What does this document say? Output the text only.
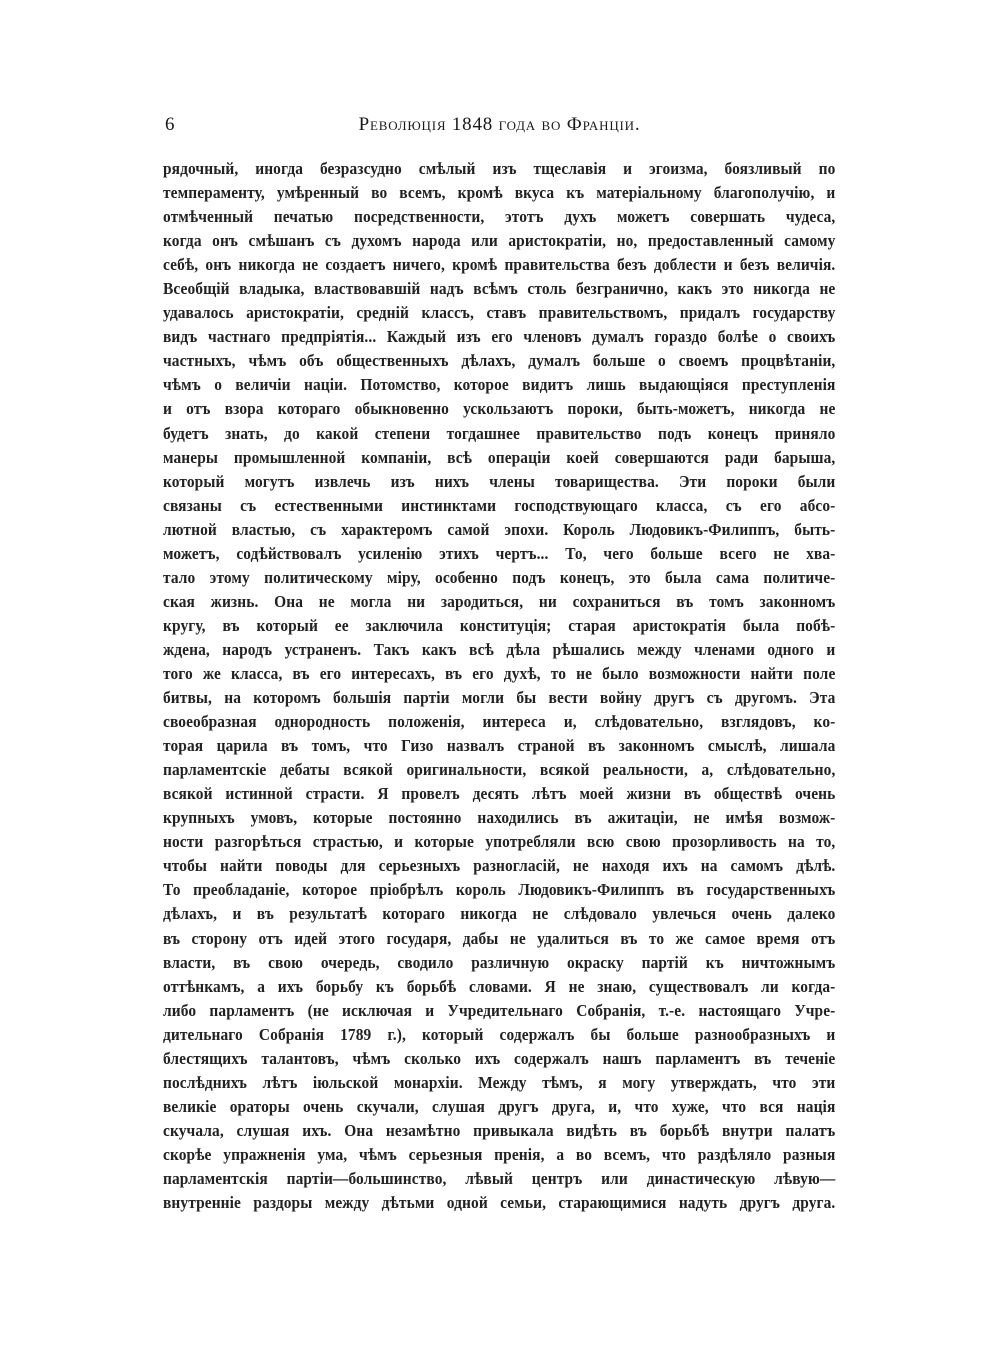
6	Революція 1848 года во Франціи.
рядочный, иногда безразсудно смѣлый изъ тщеславія и эгоизма, боязливый по
темпераменту, умѣренный во всемъ, кромѣ вкуса къ матеріальному благополучію, и
отмѣченный печатью посредственности, этотъ духъ можетъ совершать чудеса,
когда онъ смѣшанъ съ духомъ народа или аристократіи, но, предоставленный самому
себѣ, онъ никогда не создаетъ ничего, кромѣ правительства безъ доблести и безъ величія.
Всеобщій владыка, властвовавшій надъ всѣмъ столь безгранично, какъ это никогда не
удавалось аристократіи, средній классъ, ставъ правительствомъ, придалъ государству
видъ частнаго предпріятія... Каждый изъ его членовъ думалъ гораздо болѣе о своихъ
частныхъ, чѣмъ объ общественныхъ дѣлахъ, думалъ больше о своемъ процвѣтаніи,
чѣмъ о величіи націи. Потомство, которое видитъ лишь выдающіяся преступленія
и отъ взора котораго обыкновенно ускользаютъ пороки, быть-можетъ, никогда не
будетъ знать, до какой степени тогдашнее правительство подъ конецъ приняло
манеры промышленной компаніи, всѣ операціи коей совершаются ради барыша,
который могутъ извлечь изъ нихъ члены товарищества. Эти пороки были
связаны съ естественными инстинктами господствующаго класса, съ его абсо-
лютной властью, съ характеромъ самой эпохи. Король Людовикъ-Филиппъ, быть-
можетъ, содѣйствовалъ усиленію этихъ чертъ... То, чего больше всего не хва-
тало этому политическому міру, особенно подъ конецъ, это была сама политиче-
ская жизнь. Она не могла ни зародиться, ни сохраниться въ томъ законномъ
кругу, въ который ее заключила конституція; старая аристократія была побѣ-
ждена, народъ устраненъ. Такъ какъ всѣ дѣла рѣшались между членами одного и
того же класса, въ его интересахъ, въ его духѣ, то не было возможности найти поле
битвы, на которомъ большія партіи могли бы вести войну другъ съ другомъ. Эта
своеобразная однородность положенія, интереса и, слѣдовательно, взглядовъ, ко-
торая царила въ томъ, что Гизо назвалъ страной въ законномъ смыслѣ, лишала
парламентскіе дебаты всякой оригинальности, всякой реальности, а, слѣдовательно,
всякой истинной страсти. Я провелъ десять лѣтъ моей жизни въ обществѣ очень
крупныхъ умовъ, которые постоянно находились въ ажитаціи, не имѣя возмож-
ности разгорѣться страстью, и которые употребляли всю свою прозорливость на то,
чтобы найти поводы для серьезныхъ разногласій, не находя ихъ на самомъ дѣлѣ.
То преобладаніе, которое пріобрѣлъ король Людовикъ-Филиппъ въ государственныхъ
дѣлахъ, и въ результатѣ котораго никогда не слѣдовало увлечься очень далеко
въ сторону отъ идей этого государя, дабы не удалиться въ то же самое время отъ
власти, въ свою очередь, сводило различную окраску партій къ ничтожнымъ
оттѣнкамъ, а ихъ борьбу къ борьбѣ словами. Я не знаю, существовалъ ли когда-
либо парламентъ (не исключая и Учредительнаго Собранія, т.-е. настоящаго Учре-
дительнаго Собранія 1789 г.), который содержалъ бы больше разнообразныхъ и
блестящихъ талантовъ, чѣмъ сколько ихъ содержалъ нашъ парламентъ въ теченіе
послѣднихъ лѣтъ іюльской монархіи. Между тѣмъ, я могу утверждать, что эти
великіе ораторы очень скучали, слушая другъ друга, и, что хуже, что вся нація
скучала, слушая ихъ. Она незамѣтно привыкала видѣть въ борьбѣ внутри палатъ
скорѣе упражненія ума, чѣмъ серьезныя пренія, а во всемъ, что раздѣляло разныя
парламентскія партіи—большинство, лѣвый центръ или династическую лѣвую—
внутренніе раздоры между дѣтьми одной семьи, старающимися надуть другъ друга.
